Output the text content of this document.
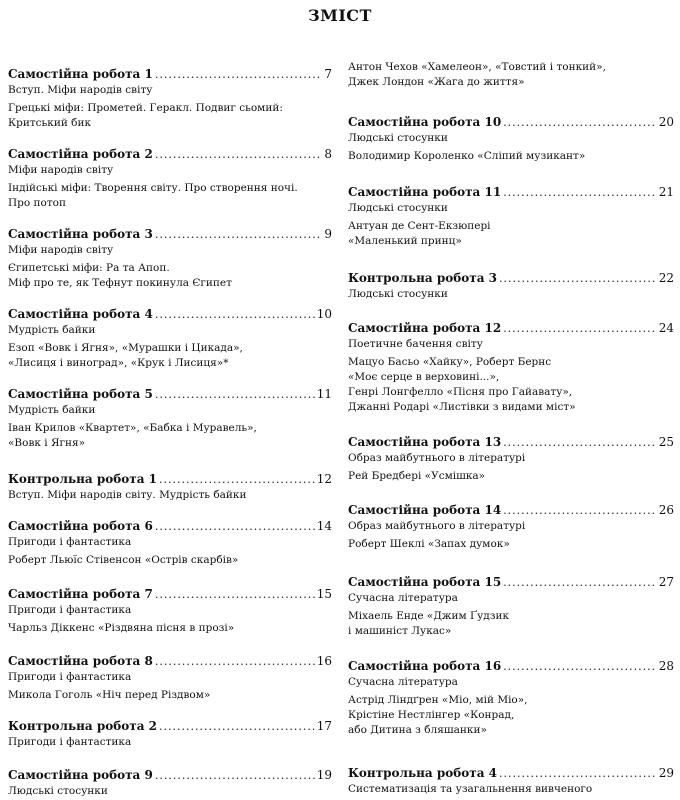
ЗМІСТ
Самостійна робота 1 .....	7
Вступ. Міфи народів світу
Грецькі міфи: Прометей. Геракл. Подвиг сьомий:
Критський бик
Самостійна робота 2 .....	8
Міфи народів світу
Індійські міфи: Творення світу. Про створення ночі.
Про потоп
Самостійна робота 3 .....	9
Міфи народів світу
Єгипетські міфи: Ра та Апоп.
Міф про те, як Тефнут покинула Єгипет
Самостійна робота 4 .....	10
Мудрість байки
Езоп «Вовк і Ягня», «Мурашки і Цикада»,
«Лисиця і виноград», «Крук і Лисиця»*
Самостійна робота 5 .....	11
Мудрість байки
Іван Крилов «Квартет», «Бабка і Муравель»,
«Вовк і Ягня»
Контрольна робота 1 .....	12
Вступ. Міфи народів світу. Мудрість байки
Самостійна робота 6 .....	14
Пригоди і фантастика
Роберт Льюїс Стівенсон «Острів скарбів»
Самостійна робота 7 .....	15
Пригоди і фантастика
Чарльз Діккенс «Різдвяна пісня в прозі»
Самостійна робота 8 .....	16
Пригоди і фантастика
Микола Гоголь «Ніч перед Різдвом»
Контрольна робота 2 .....	17
Пригоди і фантастика
Самостійна робота 9 .....	19
Людські стосунки
Антон Чехов «Хамелеон», «Товстий і тонкий»,
Джек Лондон «Жага до життя»
Самостійна робота 10 .....	20
Людські стосунки
Володимир Короленко «Сліпий музикант»
Самостійна робота 11 .....	21
Людські стосунки
Антуан де Сент-Екзюпері
«Маленький принц»
Контрольна робота 3 .....	22
Людські стосунки
Самостійна робота 12 .....	24
Поетичне бачення світу
Мацуо Басьо «Хайку», Роберт Бернс
«Моє серце в верховині...»,
Генрі Лонгфелло «Пісня про Гайавату»,
Джанні Родарі «Листівки з видами міст»
Самостійна робота 13 .....	25
Образ майбутнього в літературі
Рей Бредбері «Усмішка»
Самостійна робота 14 .....	26
Образ майбутнього в літературі
Роберт Шеклі «Запах думок»
Самостійна робота 15 .....	27
Сучасна література
Міхаель Енде «Джим Ґудзик
і машиніст Лукас»
Самостійна робота 16 .....	28
Сучасна література
Астрід Ліндґрен «Міо, мій Міо»,
Крістіне Нестлінгер «Конрад,
або Дитина з бляшанки»
Контрольна робота 4 .....	29
Систематизація та узагальнення вивченого
